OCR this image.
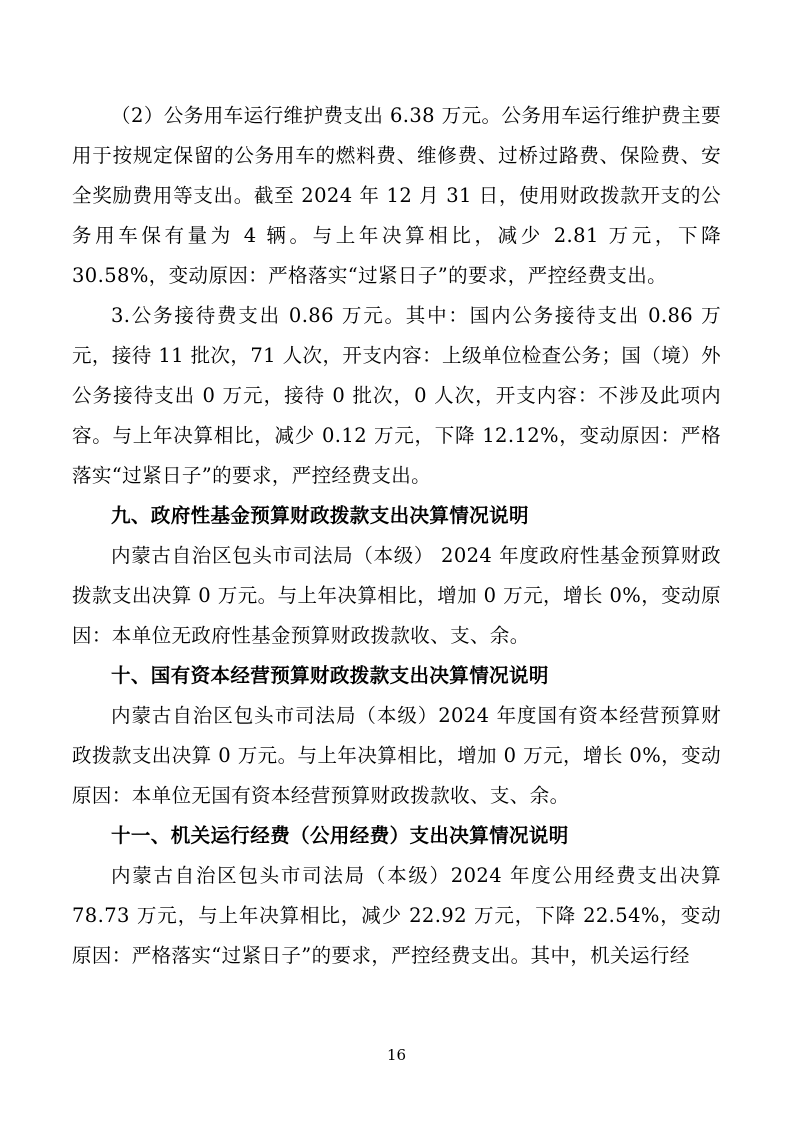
（2）公务用车运行维护费支出 6.38 万元。公务用车运行维护费主要用于按规定保留的公务用车的燃料费、维修费、过桥过路费、保险费、安全奖励费用等支出。截至 2024 年 12 月 31 日，使用财政拨款开支的公务用车保有量为 4 辆。与上年决算相比，减少 2.81 万元，下降 30.58%，变动原因：严格落实“过紧日子”的要求，严控经费支出。

3.公务接待费支出 0.86 万元。其中：国内公务接待支出 0.86 万元，接待 11 批次，71 人次，开支内容：上级单位检查公务；国（境）外公务接待支出 0 万元，接待 0 批次，0 人次，开支内容：不涉及此项内容。与上年决算相比，减少 0.12 万元，下降 12.12%，变动原因：严格落实“过紧日子”的要求，严控经费支出。

九、政府性基金预算财政拨款支出决算情况说明

内蒙古自治区包头市司法局（本级） 2024 年度政府性基金预算财政拨款支出决算 0 万元。与上年决算相比，增加 0 万元，增长 0%，变动原因：本单位无政府性基金预算财政拨款收、支、余。

十、国有资本经营预算财政拨款支出决算情况说明

内蒙古自治区包头市司法局（本级）2024 年度国有资本经营预算财政拨款支出决算 0 万元。与上年决算相比，增加 0 万元，增长 0%，变动原因：本单位无国有资本经营预算财政拨款收、支、余。

十一、机关运行经费（公用经费）支出决算情况说明

内蒙古自治区包头市司法局（本级）2024 年度公用经费支出决算 78.73 万元，与上年决算相比，减少 22.92 万元，下降 22.54%，变动原因：严格落实“过紧日子”的要求，严控经费支出。其中，机关运行经

16
